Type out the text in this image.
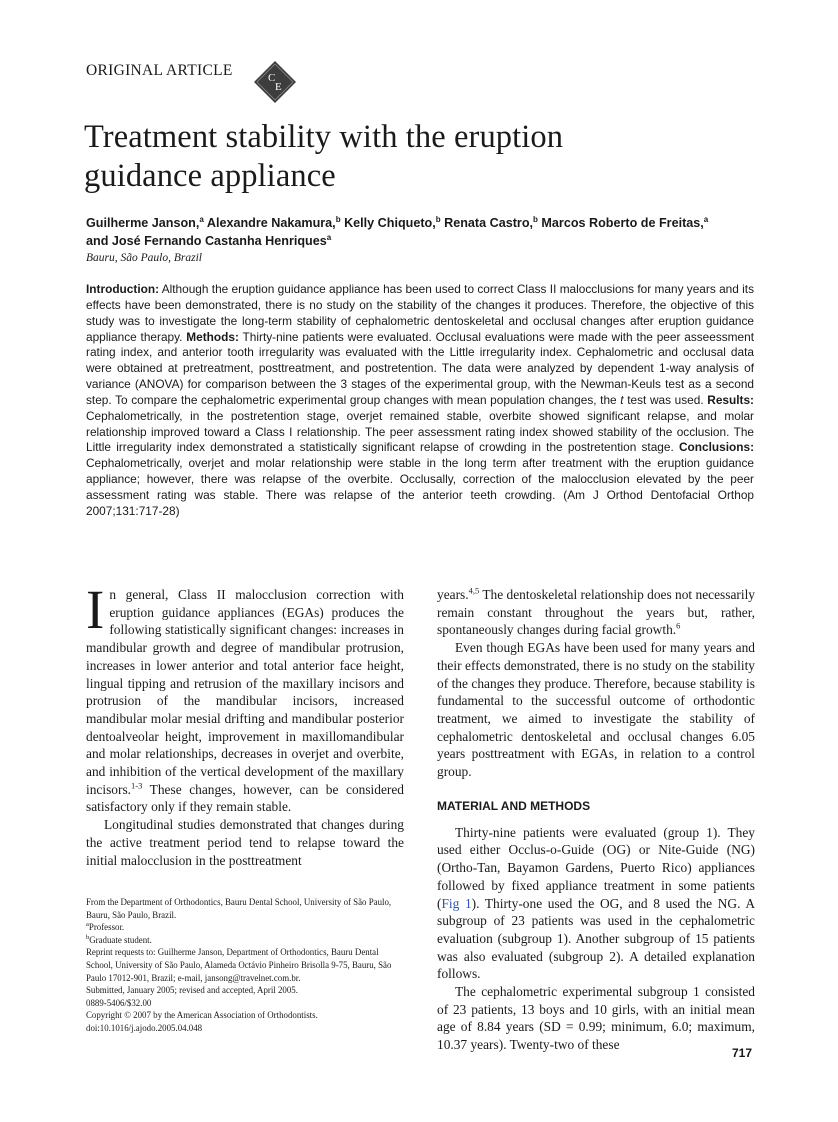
ORIGINAL ARTICLE	C
E
Treatment stability with the eruption
guidance appliance
Guilherme Janson,$^a$ Alexandre Nakamura,$^b$ Kelly Chiqueto,$^b$ Renata Castro,$^b$ Marcos Roberto de Freitas,$^a$
and José Fernando Castanha Henriques$^a$
Bauru, São Paulo, Brazil
Introduction: Although the eruption guidance appliance has been used to correct Class II malocclusions for many years and its effects have been demonstrated, there is no study on the stability of the changes it produces. Therefore, the objective of this study was to investigate the long-term stability of cephalometric dentoskeletal and occlusal changes after eruption guidance appliance therapy. Methods: Thirty-nine patients were evaluated. Occlusal evaluations were made with the peer asseessment rating index, and anterior tooth irregularity was evaluated with the Little irregularity index. Cephalometric and occlusal data were obtained at pretreatment, posttreatment, and postretention. The data were analyzed by dependent 1-way analysis of variance (ANOVA) for comparison between the 3 stages of the experimental group, with the Newman-Keuls test as a second step. To compare the cephalometric experimental group changes with mean population changes, the t test was used. Results: Cephalometrically, in the postretention stage, overjet remained stable, overbite showed significant relapse, and molar relationship improved toward a Class I relationship. The peer assessment rating index showed stability of the occlusion. The Little irregularity index demonstrated a statistically significant relapse of crowding in the postretention stage. Conclusions: Cephalometrically, overjet and molar relationship were stable in the long term after treatment with the eruption guidance appliance; however, there was relapse of the overbite. Occlusally, correction of the malocclusion elevated by the peer assessment rating was stable. There was relapse of the anterior teeth crowding. (Am J Orthod Dentofacial Orthop 2007;131:717-28)

In general, Class II malocclusion correction with eruption guidance appliances (EGAs) produces the following statistically significant changes: increases in mandibular growth and degree of mandibular protrusion, increases in lower anterior and total anterior face height, lingual tipping and retrusion of the maxillary incisors and protrusion of the mandibular incisors, increased mandibular molar mesial drifting and mandibular posterior dentoalveolar height, improvement in maxillomandibular and molar relationships, decreases in overjet and overbite, and inhibition of the vertical development of the maxillary incisors.$^{1-3}$ These changes, however, can be considered satisfactory only if they remain stable.

Longitudinal studies demonstrated that changes during the active treatment period tend to relapse toward the initial malocclusion in the posttreatment

From the Department of Orthodontics, Bauru Dental School, University of São Paulo, Bauru, São Paulo, Brazil.

$^a$Professor.

$^b$Graduate student.

Reprint requests to: Guilherme Janson, Department of Orthodontics, Bauru Dental School, University of São Paulo, Alameda Octávio Pinheiro Brisolla 9-75, Bauru, São Paulo 17012-901, Brazil; e-mail, jansong@travelnet.com.br.

Submitted, January 2005; revised and accepted, April 2005.

0889-5406/$32.00

Copyright © 2007 by the American Association of Orthodontists.

doi:10.1016/j.ajodo.2005.04.048

years.$^{4,5}$ The dentoskeletal relationship does not necessarily remain constant throughout the years but, rather, spontaneously changes during facial growth.$^6$

Even though EGAs have been used for many years and their effects demonstrated, there is no study on the stability of the changes they produce. Therefore, because stability is fundamental to the successful outcome of orthodontic treatment, we aimed to investigate the stability of cephalometric dentoskeletal and occlusal changes 6.05 years posttreatment with EGAs, in relation to a control group.

MATERIAL AND METHODS

Thirty-nine patients were evaluated (group 1). They used either Occlus-o-Guide (OG) or Nite-Guide (NG) (Ortho-Tan, Bayamon Gardens, Puerto Rico) appliances followed by fixed appliance treatment in some patients (Fig 1). Thirty-one used the OG, and 8 used the NG. A subgroup of 23 patients was used in the cephalometric evaluation (subgroup 1). Another subgroup of 15 patients was also evaluated (subgroup 2). A detailed explanation follows.

The cephalometric experimental subgroup 1 consisted of 23 patients, 13 boys and 10 girls, with an initial mean age of 8.84 years (SD = 0.99; minimum, 6.0; maximum, 10.37 years). Twenty-two of these

717
